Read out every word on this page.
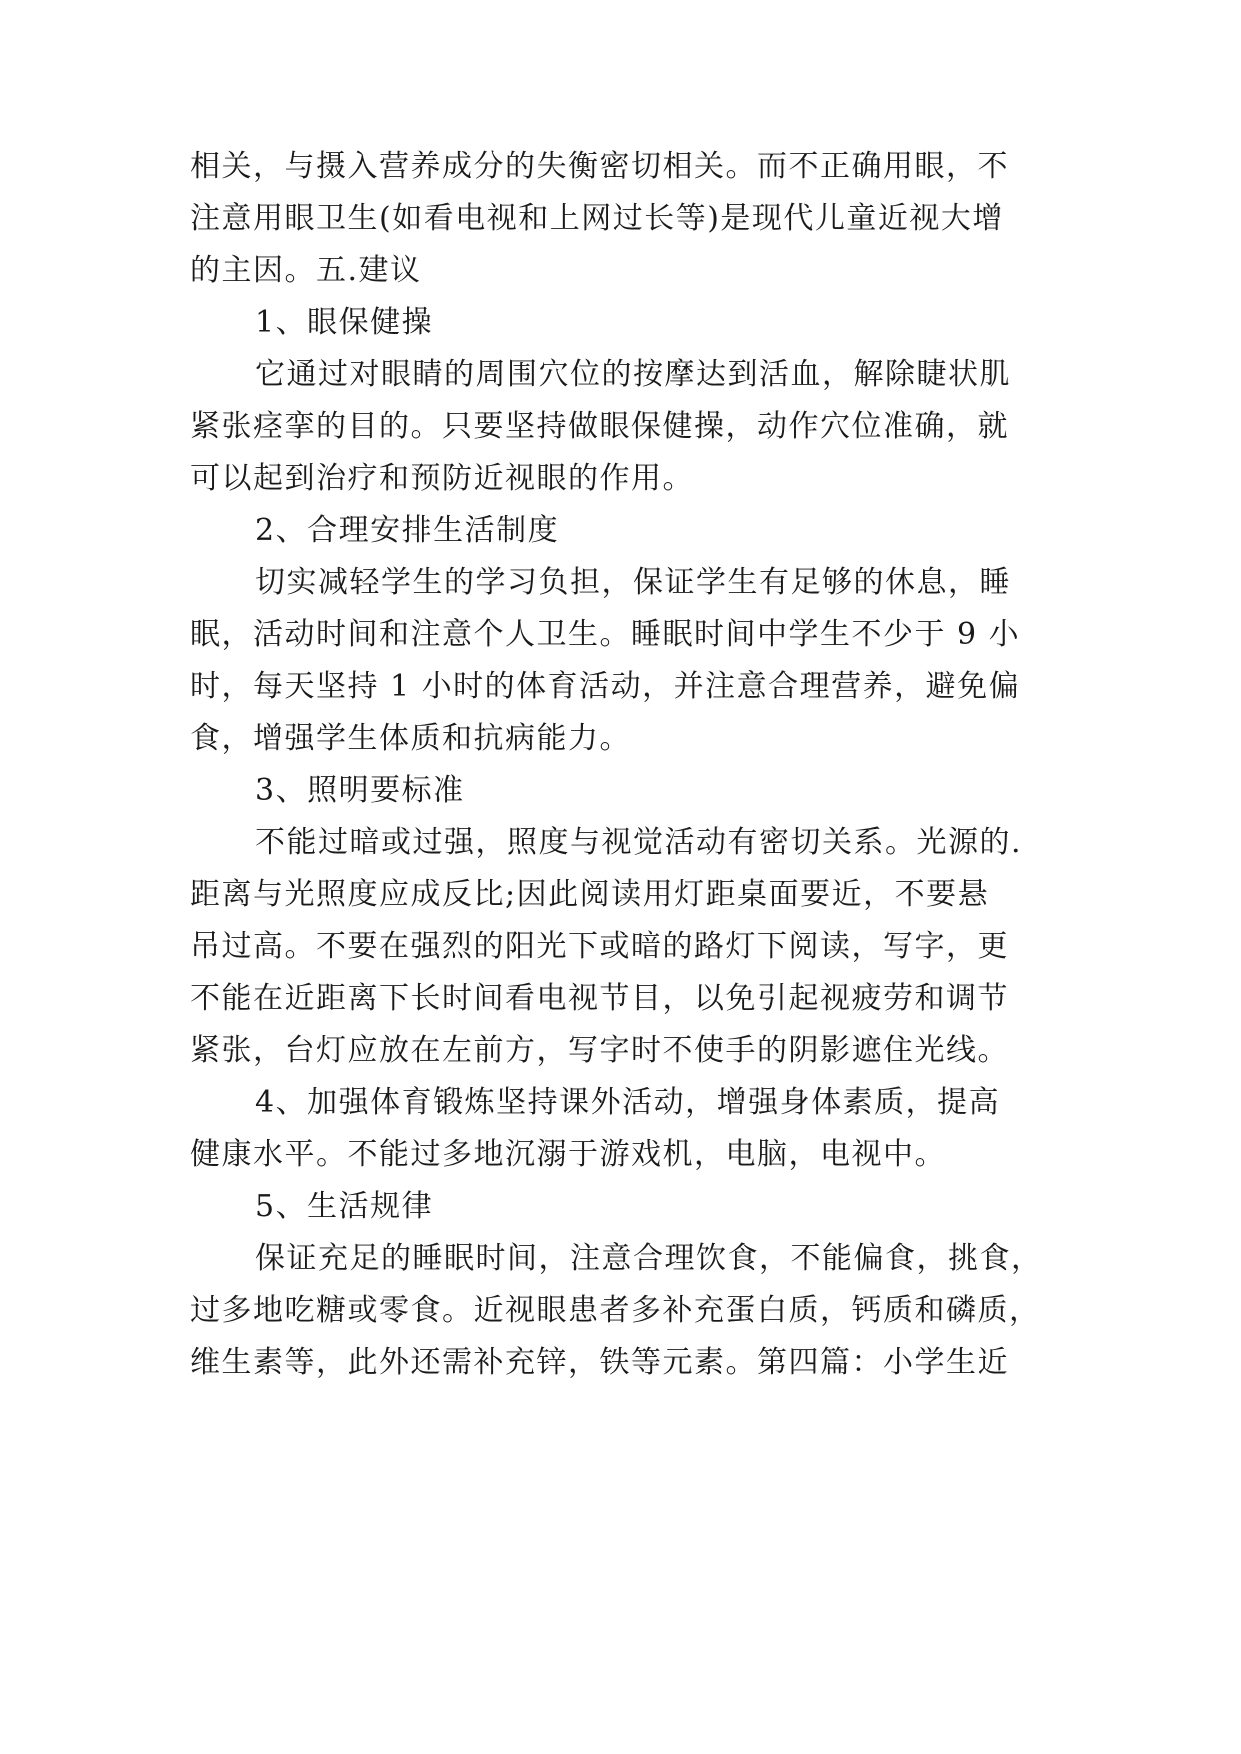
相关，与摄入营养成分的失衡密切相关。而不正确用眼，不
注意用眼卫生(如看电视和上网过长等)是现代儿童近视大增
的主因。五.建议
1、眼保健操
它通过对眼睛的周围穴位的按摩达到活血，解除睫状肌
紧张痉挛的目的。只要坚持做眼保健操，动作穴位准确，就
可以起到治疗和预防近视眼的作用。
2、合理安排生活制度
切实减轻学生的学习负担，保证学生有足够的休息，睡
眠，活动时间和注意个人卫生。睡眠时间中学生不少于 9 小
时，每天坚持 1 小时的体育活动，并注意合理营养，避免偏
食，增强学生体质和抗病能力。
3、照明要标准
不能过暗或过强，照度与视觉活动有密切关系。光源的.
距离与光照度应成反比;因此阅读用灯距桌面要近，不要悬
吊过高。不要在强烈的阳光下或暗的路灯下阅读，写字，更
不能在近距离下长时间看电视节目，以免引起视疲劳和调节
紧张，台灯应放在左前方，写字时不使手的阴影遮住光线。
4、加强体育锻炼坚持课外活动，增强身体素质，提高
健康水平。不能过多地沉溺于游戏机，电脑，电视中。
5、生活规律
保证充足的睡眠时间，注意合理饮食，不能偏食，挑食，
过多地吃糖或零食。近视眼患者多补充蛋白质，钙质和磷质，
维生素等，此外还需补充锌，铁等元素。第四篇：小学生近
